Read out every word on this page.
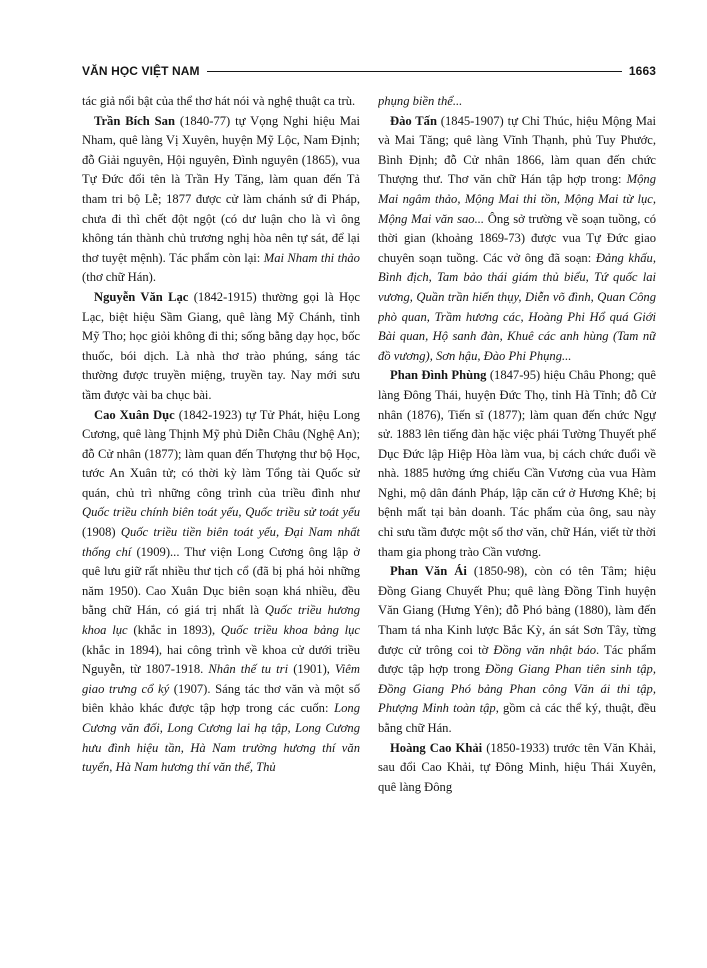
VĂN HỌC VIỆT NAM	1663

tác giả nổi bật của thể thơ hát nói và nghệ thuật ca trù.

Trần Bích San (1840-77) tự Vọng Nghi hiệu Mai Nham, quê làng Vị Xuyên, huyện Mỹ Lộc, Nam Định; đỗ Giải nguyên, Hội nguyên, Đình nguyên (1865), vua Tự Đức đổi tên là Trần Hy Tăng, làm quan đến Tả tham tri bộ Lễ; 1877 được cử làm chánh sứ đi Pháp, chưa đi thì chết đột ngột (có dư luận cho là vì ông không tán thành chủ trương nghị hòa nên tự sát, để lại thơ tuyệt mệnh). Tác phẩm còn lại: Mai Nham thi thảo (thơ chữ Hán).

Nguyễn Văn Lạc (1842-1915) thường gọi là Học Lạc, biệt hiệu Sầm Giang, quê làng Mỹ Chánh, tỉnh Mỹ Tho; học giỏi không đi thi; sống bằng dạy học, bốc thuốc, bói dịch. Là nhà thơ trào phúng, sáng tác thường được truyền miệng, truyền tay. Nay mới sưu tầm được vài ba chục bài.

Cao Xuân Dục (1842-1923) tự Tử Phát, hiệu Long Cương, quê làng Thịnh Mỹ phủ Diễn Châu (Nghệ An); đỗ Cử nhân (1877); làm quan đến Thượng thư bộ Học, tước An Xuân tử; có thời kỳ làm Tổng tài Quốc sử quán, chủ trì những công trình của triều đình như Quốc triều chính biên toát yếu, Quốc triều sử toát yếu (1908) Quốc triều tiền biên toát yếu, Đại Nam nhất thống chí (1909)... Thư viện Long Cương ông lập ở quê lưu giữ rất nhiều thư tịch cổ (đã bị phá hỏi những năm 1950). Cao Xuân Dục biên soạn khá nhiều, đều bằng chữ Hán, có giá trị nhất là Quốc triều hương khoa lục (khắc in 1893), Quốc triều khoa bảng lục (khắc in 1894), hai công trình về khoa cử dưới triều Nguyễn, từ 1807-1918. Nhân thế tu tri (1901), Viêm giao trưng cổ ký (1907). Sáng tác thơ văn và một số biên khảo khác được tập hợp trong các cuốn: Long Cương văn đối, Long Cương lai hạ tập, Long Cương hưu đình hiệu tần, Hà Nam trường hương thí văn tuyển, Hà Nam hương thí văn thể, Thủ

phụng biền thể...

Đào Tấn (1845-1907) tự Chỉ Thúc, hiệu Mộng Mai và Mai Tăng; quê làng Vĩnh Thạnh, phủ Tuy Phước, Bình Định; đỗ Cử nhân 1866, làm quan đến chức Thượng thư. Thơ văn chữ Hán tập hợp trong: Mộng Mai ngâm thảo, Mộng Mai thi tồn, Mộng Mai từ lục, Mộng Mai văn sao... Ông sở trường về soạn tuồng, có thời gian (khoảng 1869-73) được vua Tự Đức giao chuyên soạn tuồng. Các vở ông đã soạn: Đảng khấu, Bình địch, Tam bảo thái giám thủ biểu, Tứ quốc lai vương, Quần trần hiến thụy, Diễn võ đình, Quan Công phò quan, Trầm hương các, Hoàng Phi Hổ quá Giới Bài quan, Hộ sanh đàn, Khuê các anh hùng (Tam nữ đồ vương), Sơn hậu, Đào Phi Phụng...

Phan Đình Phùng (1847-95) hiệu Châu Phong; quê làng Đông Thái, huyện Đức Thọ, tỉnh Hà Tĩnh; đỗ Cử nhân (1876), Tiến sĩ (1877); làm quan đến chức Ngự sử. 1883 lên tiếng đàn hặc việc phái Tường Thuyết phế Dục Đức lập Hiệp Hòa làm vua, bị cách chức đuổi về nhà. 1885 hưởng ứng chiếu Cần Vương của vua Hàm Nghi, mộ dân đánh Pháp, lập căn cứ ở Hương Khê; bị bệnh mất tại bản doanh. Tác phẩm của ông, sau này chỉ sưu tầm được một số thơ văn, chữ Hán, viết từ thời tham gia phong trào Cần vương.

Phan Văn Ái (1850-98), còn có tên Tâm; hiệu Đồng Giang Chuyết Phu; quê làng Đồng Tỉnh huyện Văn Giang (Hưng Yên); đỗ Phó bảng (1880), làm đến Tham tá nha Kinh lược Bắc Kỳ, án sát Sơn Tây, từng được cử trông coi tờ Đồng văn nhật báo. Tác phẩm được tập hợp trong Đồng Giang Phan tiên sinh tập, Đồng Giang Phó bảng Phan công Văn ái thi tập, Phượng Minh toàn tập, gồm cả các thể ký, thuật, đều bằng chữ Hán.

Hoàng Cao Khải (1850-1933) trước tên Văn Khải, sau đổi Cao Khải, tự Đông Minh, hiệu Thái Xuyên, quê làng Đông
